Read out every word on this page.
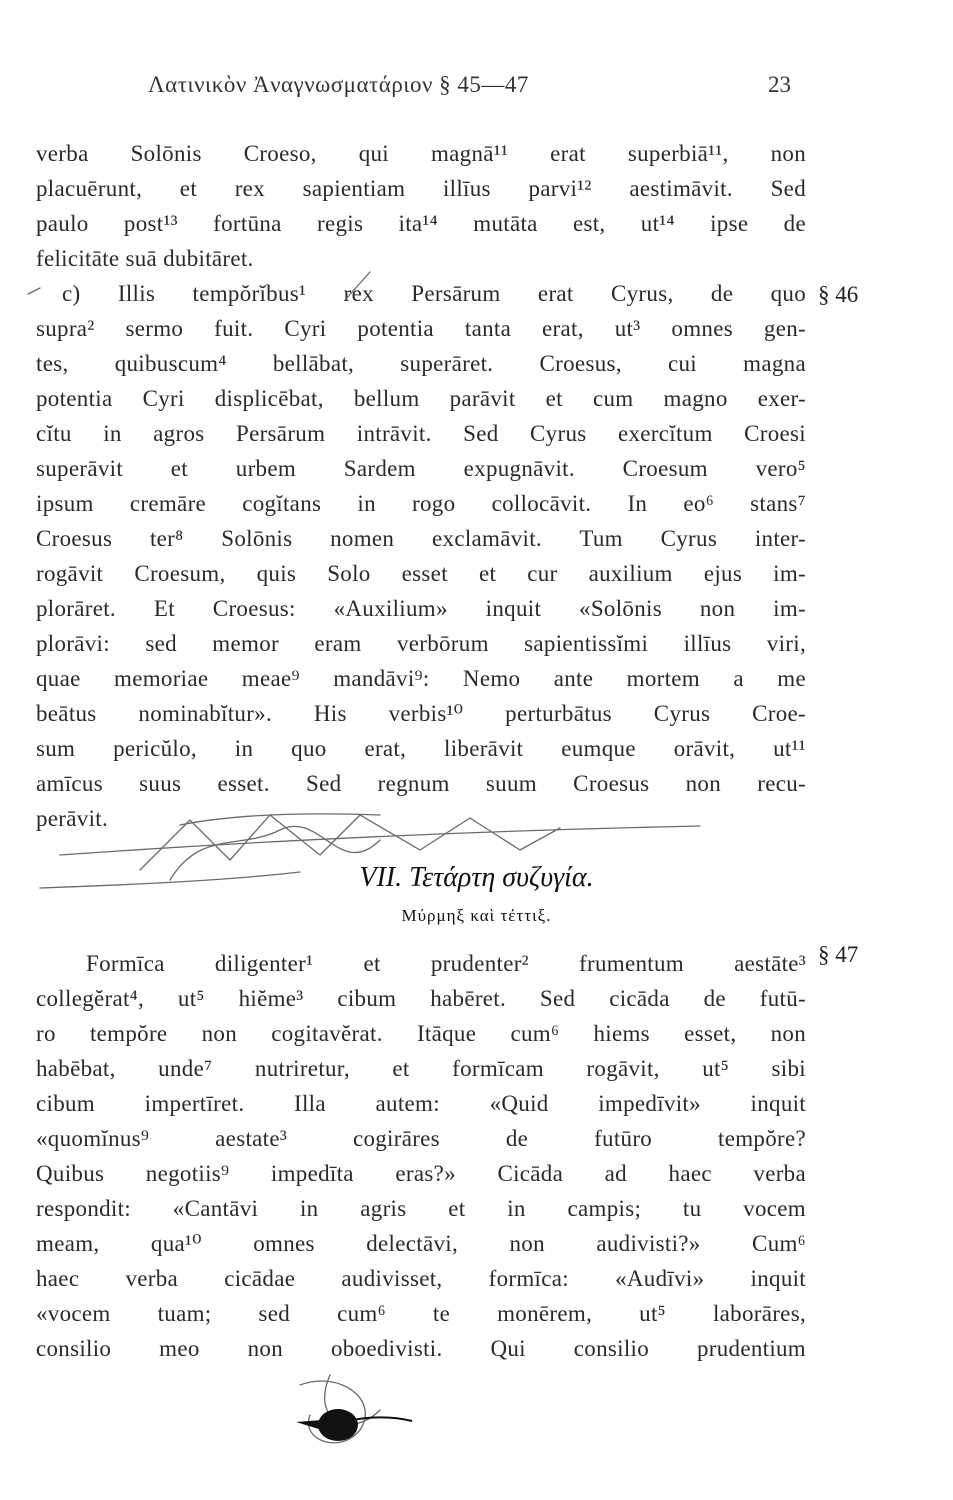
Λατινικὸν Ἀναγνωσματάριον § 45—47	23
§ 46
§ 47
verba Solōnis Croeso, qui magnā¹¹ erat superbiā¹¹, non
placuērunt, et rex sapientiam illīus parvi¹² aestimāvit. Sed
paulo post¹³ fortūna regis ita¹⁴ mutāta est, ut¹⁴ ipse de
felicitāte suā dubitāret.
c) Illis tempŏrĭbus¹ rex Persārum erat Cyrus, de quo
supra² sermo fuit. Cyri potentia tanta erat, ut³ omnes gen-
tes, quibuscum⁴ bellābat, superāret. Croesus, cui magna
potentia Cyri displicēbat, bellum parāvit et cum magno exer-
cĭtu in agros Persārum intrāvit. Sed Cyrus exercĭtum Croesi
superāvit et urbem Sardem expugnāvit. Croesum vero⁵
ipsum cremāre cogĭtans in rogo collocāvit. In eo⁶ stans⁷
Croesus ter⁸ Solōnis nomen exclamāvit. Tum Cyrus inter-
rogāvit Croesum, quis Solo esset et cur auxilium ejus im-
plorāret. Et Croesus: «Auxilium» inquit «Solōnis non im-
plorāvi: sed memor eram verbōrum sapientissĭmi illīus viri,
quae memoriae meae⁹ mandāvi⁹: Nemo ante mortem a me
beātus nominabĭtur». His verbis¹⁰ perturbātus Cyrus Croe-
sum pericŭlo, in quo erat, liberāvit eumque orāvit, ut¹¹
amīcus suus esset. Sed regnum suum Croesus non recu-
perāvit.
VII. Τετάρτη συζυγία.
Μύρμηξ καὶ τέττιξ.
Formīca diligenter¹ et prudenter² frumentum aestāte³
collegĕrat⁴, ut⁵ hiĕme³ cibum habēret. Sed cicāda de futū-
ro tempŏre non cogitavĕrat. Itāque cum⁶ hiems esset, non
habēbat, unde⁷ nutriretur, et formīcam rogāvit, ut⁵ sibi
cibum impertīret. Illa autem: «Quid impedīvit» inquit
«quomĭnus⁹ aestate³ cogirāres de futūro tempŏre?
Quibus negotiis⁹ impedīta eras?» Cicāda ad haec verba
respondit: «Cantāvi in agris et in campis; tu vocem
meam, qua¹⁰ omnes delectāvi, non audivisti?» Cum⁶
haec verba cicādae audivisset, formīca: «Audīvi» inquit
«vocem tuam; sed cum⁶ te monērem, ut⁵ laborāres,
consilio meo non oboedivisti. Qui consilio prudentium
